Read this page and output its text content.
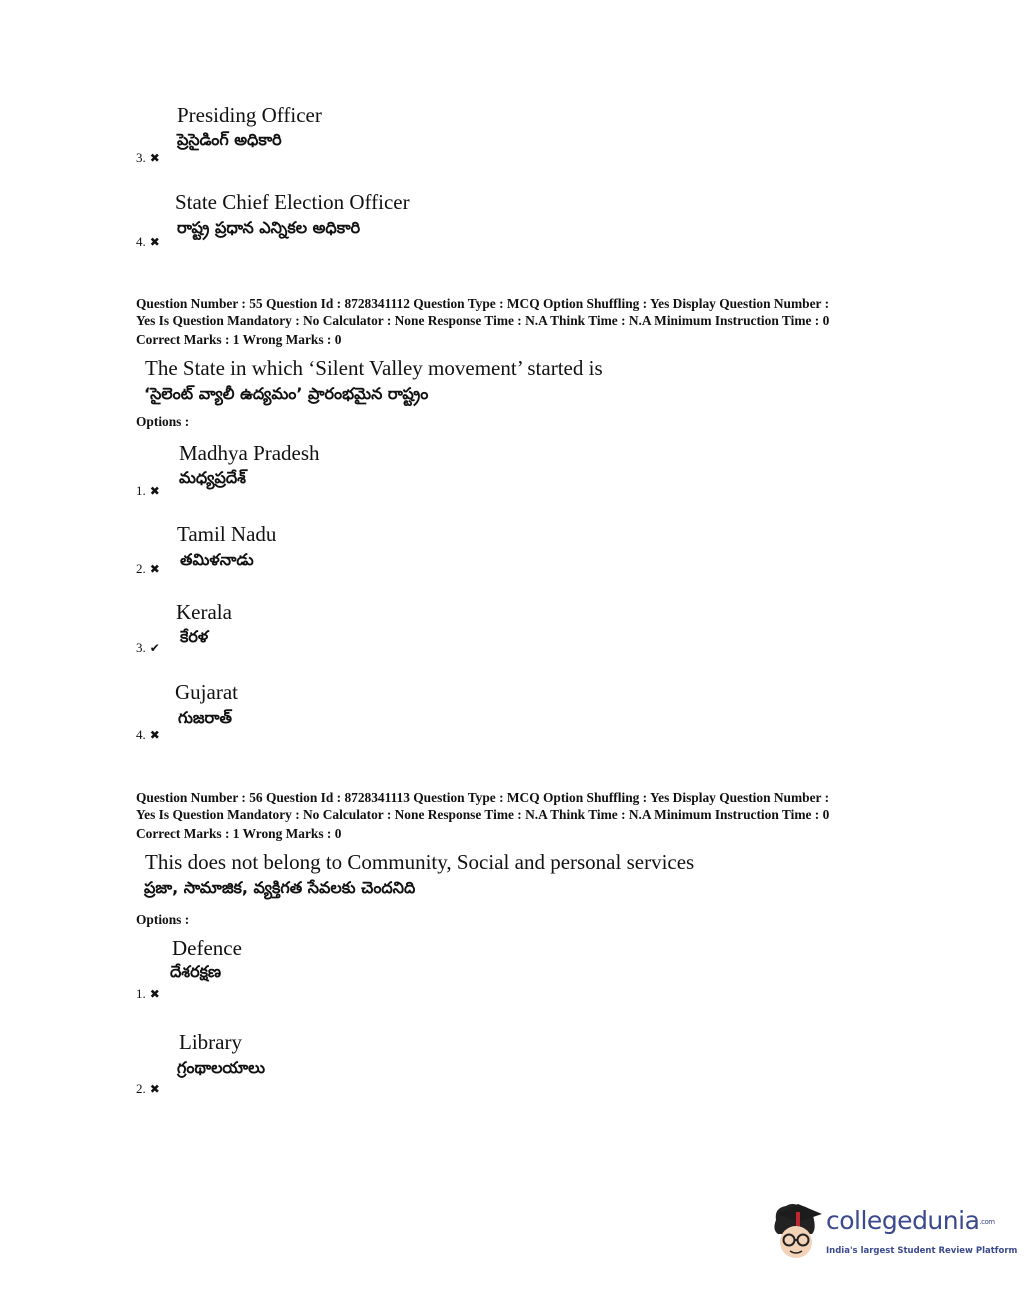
Presiding Officer
ప్రెసైడింగ్ అధికారి
3. ✖
State Chief Election Officer
రాష్ట్ర ప్రధాన ఎన్నికల అధికారి
4. ✖
Question Number : 55 Question Id : 8728341112 Question Type : MCQ Option Shuffling : Yes Display Question Number :
Yes Is Question Mandatory : No Calculator : None Response Time : N.A Think Time : N.A Minimum Instruction Time : 0
Correct Marks : 1 Wrong Marks : 0
The State in which ‘Silent Valley movement’ started is
‘సైలెంట్ వ్యాలీ ఉద్యమం’ ప్రారంభమైన రాష్ట్రం
Options :
Madhya Pradesh
మధ్యప్రదేశ్
1. ✖
Tamil Nadu
తమిళనాడు
2. ✖
Kerala
కేరళ
3. ✔
Gujarat
గుజరాత్
4. ✖
Question Number : 56 Question Id : 8728341113 Question Type : MCQ Option Shuffling : Yes Display Question Number :
Yes Is Question Mandatory : No Calculator : None Response Time : N.A Think Time : N.A Minimum Instruction Time : 0
Correct Marks : 1 Wrong Marks : 0
This does not belong to Community, Social and personal services
ప్రజా, సామాజిక, వ్యక్తిగత సేవలకు చెందనిది
Options :
Defence
దేశరక్షణ
1. ✖
Library
గ్రంథాలయాలు
2. ✖
collegedunia.com
India's largest Student Review Platform
